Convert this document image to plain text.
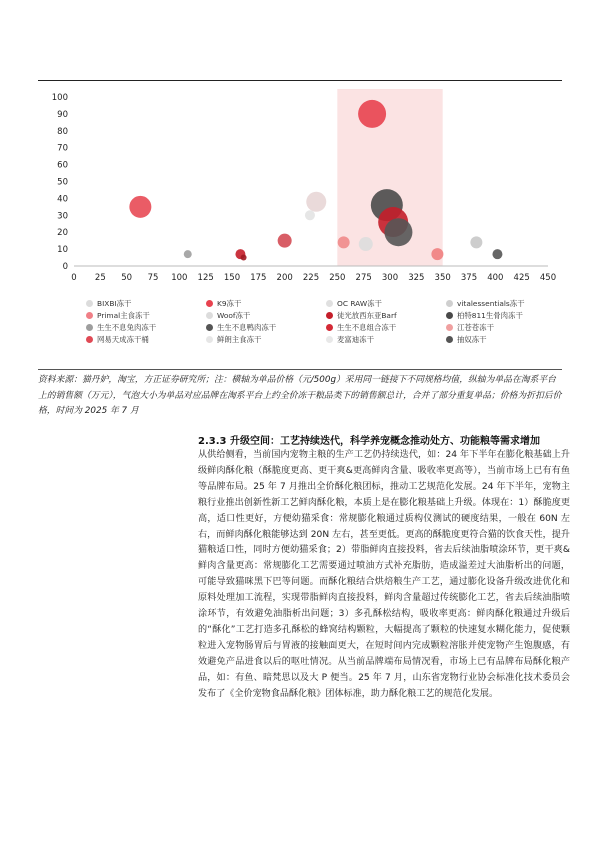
0
10
20
30
40
50
60
70
80
90
100
0 25 50 75 100 125 150 175 200 225 250 275 300 325 350 375 400 425 450
BIXBI冻干	K9冻干	OC RAW冻干	vitalessentials冻干
Primal主食冻干	Woof冻干	徒光放西东亚Barf	柏特811生骨肉冻干
生生不息兔肉冻干	生生不息鸭肉冻干	生生不息组合冻干	江苍苍冻干
网易天成冻干桶	鲜朗主食冻干	麦富迪冻干	抽奴冻干
资料来源：猫丹妒，淘宝，方正证券研究所；注：横轴为单品价格（元/500g）采用同一链接下不同规格均值，纵轴为单品在淘系平台上的销售额（万元），气泡大小为单品对应品牌在淘系平台上约全价冻干粮品类下的销售额总计，合并了部分重复单品；价格为折扣后价格，时间为 2025 年 7 月
2.3.3 升级空间：工艺持续迭代，科学养宠概念推动处方、功能粮等需求增加

从供给侧看，当前国内宠物主粮的生产工艺仍持续迭代，如：24 年下半年在膨化粮基础上升级鲜肉酥化粮（酥脆度更高、更干爽&更高鲜肉含量、吸收率更高等），当前市场上已有有鱼等品牌布局。25 年 7 月推出全价酥化粮团标，推动工艺规范化发展。24 年下半年，宠物主粮行业推出创新性新工艺鲜肉酥化粮，本质上是在膨化粮基础上升级。体现在：1）酥脆度更高，适口性更好，方便幼猫采食：常规膨化粮通过质构仪测试的硬度结果，一般在 60N 左右，而鲜肉酥化粮能够达到 20N 左右，甚至更低。更高的酥脆度更符合猫的饮食天性，提升猫粮适口性，同时方便幼猫采食；2）带脂鲜肉直接投料，省去后续油脂喷涂环节，更干爽&鲜肉含量更高：常规膨化工艺需要通过喷油方式补充脂肪，造成溢差过大油脂析出的问题，可能导致猫咪黑下巴等问题。而酥化粮结合烘焙粮生产工艺，通过膨化设备升级改进优化和原料处理加工流程，实现带脂鲜肉直接投料，鲜肉含量超过传统膨化工艺，省去后续油脂喷涂环节，有效避免油脂析出问题；3）多孔酥松结构，吸收率更高：鲜肉酥化粮通过升级后的“酥化”工艺打造多孔酥松的蜂窝结构颗粒，大幅提高了颗粒的快速复水糊化能力，促使颗粒进入宠物肠胃后与胃液的接触面更大，在短时间内完成颗粒溶胀并使宠物产生饱腹感，有效避免产品进食以后的呕吐情况。从当前品牌端布局情况看，市场上已有品牌布局酥化粮产品，如：有鱼、暗梵思以及大 P 便当。25 年 7 月，山东省宠物行业协会标准化技术委员会发布了《全价宠物食品酥化粮》团体标准，助力酥化粮工艺的规范化发展。
